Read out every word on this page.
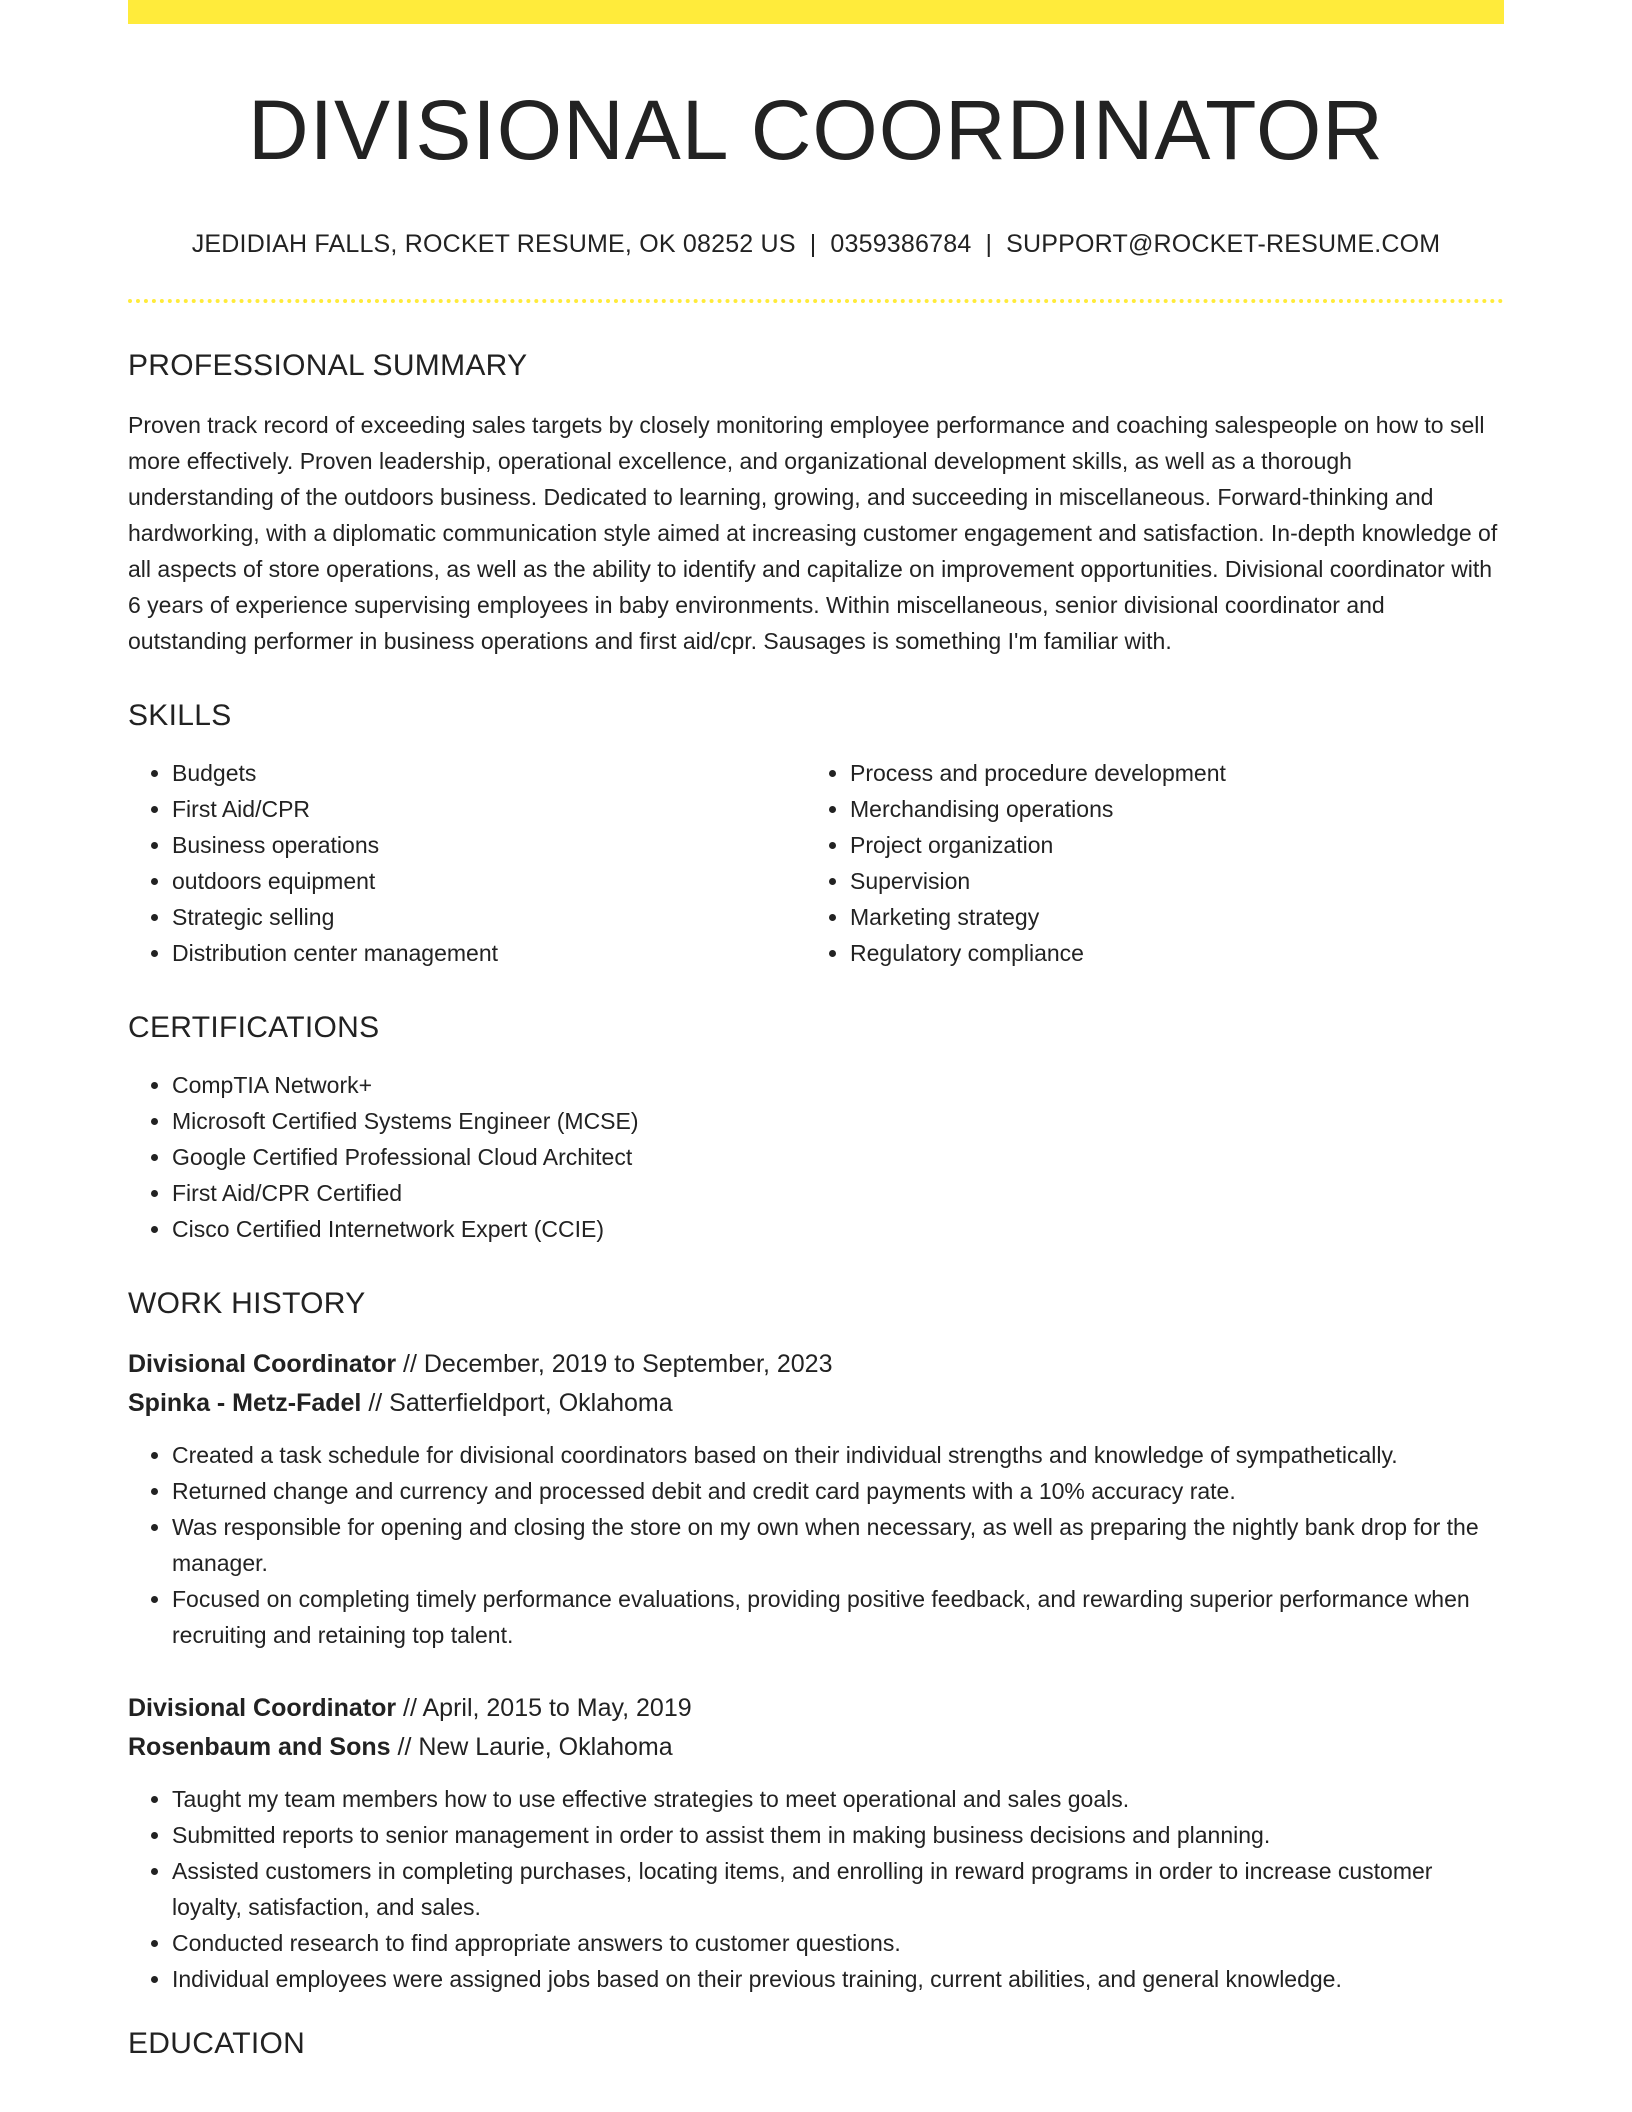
DIVISIONAL COORDINATOR
JEDIDIAH FALLS, ROCKET RESUME, OK 08252 US | 0359386784 | SUPPORT@ROCKET-RESUME.COM
PROFESSIONAL SUMMARY

Proven track record of exceeding sales targets by closely monitoring employee performance and coaching salespeople on how to sell more effectively. Proven leadership, operational excellence, and organizational development skills, as well as a thorough understanding of the outdoors business. Dedicated to learning, growing, and succeeding in miscellaneous. Forward-thinking and hardworking, with a diplomatic communication style aimed at increasing customer engagement and satisfaction. In-depth knowledge of all aspects of store operations, as well as the ability to identify and capitalize on improvement opportunities. Divisional coordinator with 6 years of experience supervising employees in baby environments. Within miscellaneous, senior divisional coordinator and outstanding performer in business operations and first aid/cpr. Sausages is something I'm familiar with.

SKILLS
• Budgets
• First Aid/CPR
• Business operations
• outdoors equipment
• Strategic selling
• Distribution center management
• Process and procedure development
• Merchandising operations
• Project organization
• Supervision
• Marketing strategy
• Regulatory compliance
CERTIFICATIONS
• CompTIA Network+
• Microsoft Certified Systems Engineer (MCSE)
• Google Certified Professional Cloud Architect
• First Aid/CPR Certified
• Cisco Certified Internetwork Expert (CCIE)
WORK HISTORY
Divisional Coordinator // December, 2019 to September, 2023
Spinka - Metz-Fadel // Satterfieldport, Oklahoma
• Created a task schedule for divisional coordinators based on their individual strengths and knowledge of sympathetically.
• Returned change and currency and processed debit and credit card payments with a 10% accuracy rate.
• Was responsible for opening and closing the store on my own when necessary, as well as preparing the nightly bank drop for the manager.
• Focused on completing timely performance evaluations, providing positive feedback, and rewarding superior performance when recruiting and retaining top talent.
Divisional Coordinator // April, 2015 to May, 2019
Rosenbaum and Sons // New Laurie, Oklahoma
• Taught my team members how to use effective strategies to meet operational and sales goals.
• Submitted reports to senior management in order to assist them in making business decisions and planning.
• Assisted customers in completing purchases, locating items, and enrolling in reward programs in order to increase customer loyalty, satisfaction, and sales.
• Conducted research to find appropriate answers to customer questions.
• Individual employees were assigned jobs based on their previous training, current abilities, and general knowledge.
EDUCATION
